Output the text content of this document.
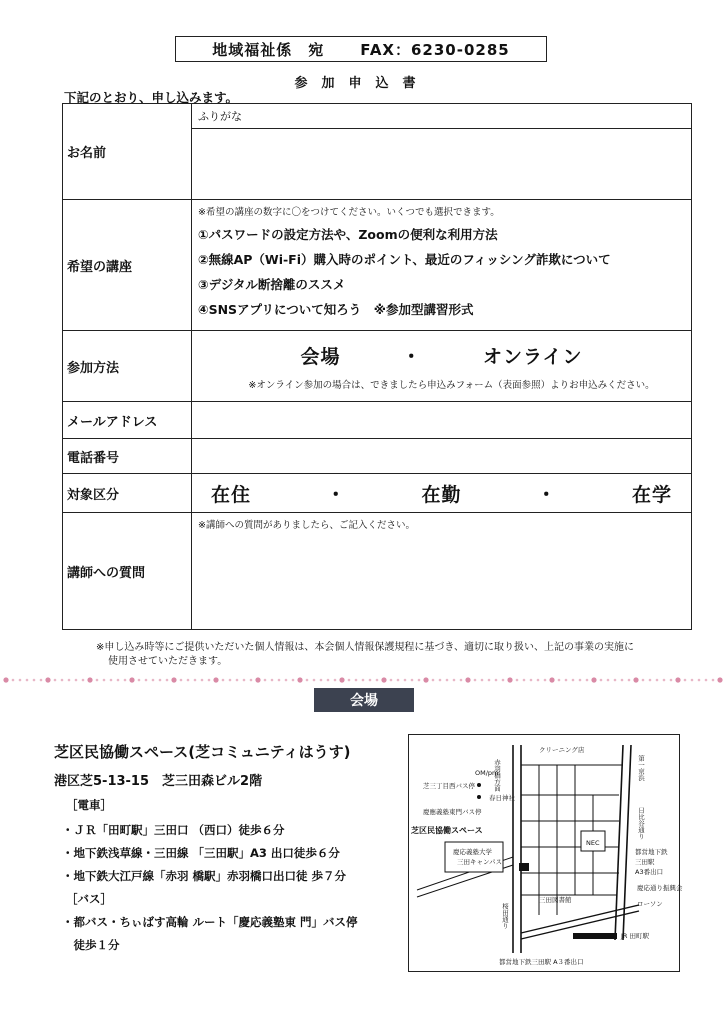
地域福祉係　宛 FAX：6230-0285
参加申込書
下記のとおり、申し込みます。
お名前	ふりがな

希望の講座	※希望の講座の数字に〇をつけてください。いくつでも選択できます。
①パスワードの設定方法や、Zoomの便利な利用方法
②無線AP（Wi-Fi）購入時のポイント、最近のフィッシング詐欺について
③デジタル断捨離のススメ
④SNSアプリについて知ろう　※参加型講習形式

参加方法	会場 ・ オンライン
※オンライン参加の場合は、できましたら申込みフォーム（表面参照）よりお申込みください。

メールアドレス	
電話番号	
対象区分	在住 ・ 在勤 ・ 在学
講師への質問	※講師への質問がありましたら、ご記入ください。
※申し込み時等にご提供いただいた個人情報は、本会個人情報保護規程に基づき、適切に取り扱い、上記の事業の実施に
使用させていただきます。
会場
芝区民協働スペース(芝コミュニティはうす)
港区芝5-13-15　芝三田森ビル2階
［電車］
・ＪＲ「田町駅」三田口 （西口）徒歩６分
・地下鉄浅草線・三田線 「三田駅」A3 出口徒歩６分
・地下鉄大江戸線「赤羽 橋駅」赤羽橋口出口徒 歩７分
［バス］
・都バス・ちぃばす高輪 ルート「慶応義塾東 門」バス停
　徒歩１分
クリーニング店
赤羽橋方面	第一京浜
日比谷通り
OM/pm
芝三丁目西バス停
春日神社
慶應義塾東門バス停
芝区民協働スペース
慶応義塾大学
三田キャンパス
NEC
都営地下鉄
三田駅
A3番出口
慶応通り振興会
ローソン
三田図書館
桜田通り
JR 田町駅
都営地下鉄三田駅 A３番出口
